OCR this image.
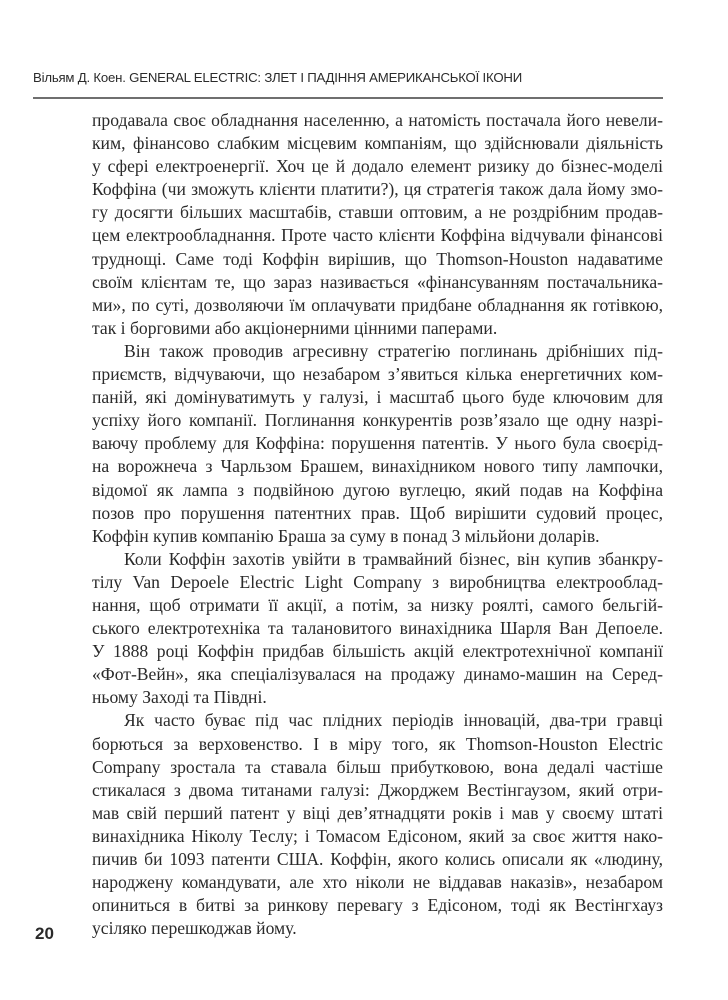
Вільям Д. Коен. GENERAL ELECTRIC: ЗЛЕТ І ПАДІННЯ АМЕРИКАНСЬКОЇ ІКОНИ
продавала своє обладнання населенню, а натомість постачала його невели-
ким, фінансово слабким місцевим компаніям, що здійснювали діяльність
у сфері електроенергії. Хоч це й додало елемент ризику до бізнес-моделі
Коффіна (чи зможуть клієнти платити?), ця стратегія також дала йому змо-
гу досягти більших масштабів, ставши оптовим, а не роздрібним продав-
цем електрообладнання. Проте часто клієнти Коффіна відчували фінансові
труднощі. Саме тоді Коффін вирішив, що Thomson-Houston надаватиме
своїм клієнтам те, що зараз називається «фінансуванням постачальника-
ми», по суті, дозволяючи їм оплачувати придбане обладнання як готівкою,
так і борговими або акціонерними цінними паперами.
Він також проводив агресивну стратегію поглинань дрібніших під-
приємств, відчуваючи, що незабаром з’явиться кілька енергетичних ком-
паній, які домінуватимуть у галузі, і масштаб цього буде ключовим для
успіху його компанії. Поглинання конкурентів розв’язало ще одну назрі-
ваючу проблему для Коффіна: порушення патентів. У нього була своєрід-
на ворожнеча з Чарльзом Брашем, винахідником нового типу лампочки,
відомої як лампа з подвійною дугою вуглецю, який подав на Коффіна
позов про порушення патентних прав. Щоб вирішити судовий процес,
Коффін купив компанію Браша за суму в понад 3 мільйони доларів.
Коли Коффін захотів увійти в трамвайний бізнес, він купив збанкру-
тілу Van Depoele Electric Light Company з виробництва електрооблад-
нання, щоб отримати її акції, а потім, за низку роялті, самого бельгій-
ського електротехніка та талановитого винахідника Шарля Ван Депоеле.
У 1888 році Коффін придбав більшість акцій електротехнічної компанії
«Фот-Вейн», яка спеціалізувалася на продажу динамо-машин на Серед-
ньому Заході та Півдні.
Як часто буває під час плідних періодів інновацій, два-три гравці
борються за верховенство. І в міру того, як Thomson-Houston Electric
Company зростала та ставала більш прибутковою, вона дедалі частіше
стикалася з двома титанами галузі: Джорджем Вестінгаузом, який отри-
мав свій перший патент у віці дев’ятнадцяти років і мав у своєму штаті
винахідника Ніколу Теслу; і Томасом Едісоном, який за своє життя нако-
пичив би 1093 патенти США. Коффін, якого колись описали як «людину,
народжену командувати, але хто ніколи не віддавав наказів», незабаром
опиниться в битві за ринкову перевагу з Едісоном, тоді як Вестінгхауз
усіляко перешкоджав йому.
20
